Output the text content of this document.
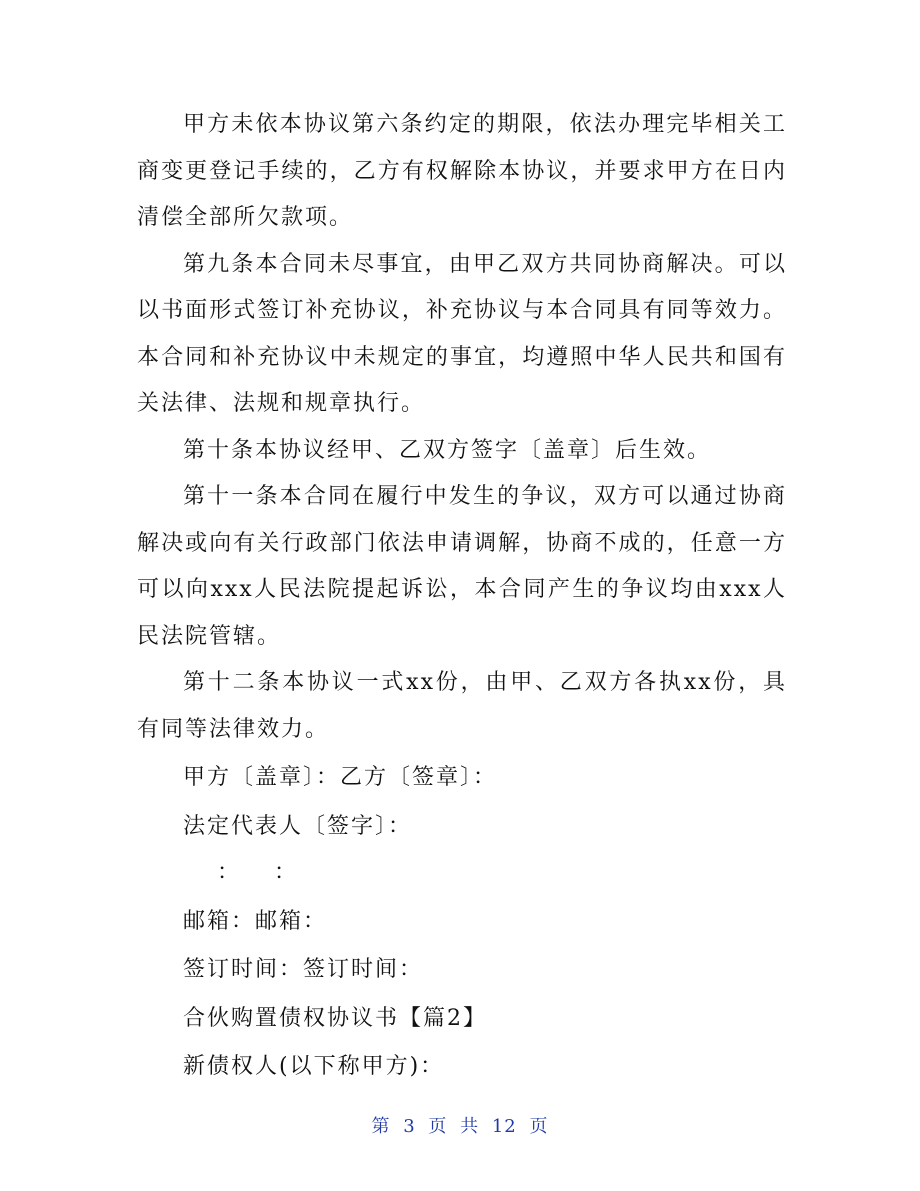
甲方未依本协议第六条约定的期限，依法办理完毕相关工商变更登记手续的，乙方有权解除本协议，并要求甲方在日内清偿全部所欠款项。

第九条本合同未尽事宜，由甲乙双方共同协商解决。可以以书面形式签订补充协议，补充协议与本合同具有同等效力。本合同和补充协议中未规定的事宜，均遵照中华人民共和国有关法律、法规和规章执行。

第十条本协议经甲、乙双方签字〔盖章〕后生效。

第十一条本合同在履行中发生的争议，双方可以通过协商解决或向有关行政部门依法申请调解，协商不成的，任意一方可以向xxx人民法院提起诉讼，本合同产生的争议均由xxx人民法院管辖。

第十二条本协议一式xx份，由甲、乙双方各执xx份，具有同等法律效力。

甲方〔盖章〕：乙方〔签章〕：

法定代表人〔签字〕：

：     ：

邮箱：邮箱：

签订时间：签订时间：

合伙购置债权协议书【篇2】

新债权人(以下称甲方)：

第 3 页 共 12 页
